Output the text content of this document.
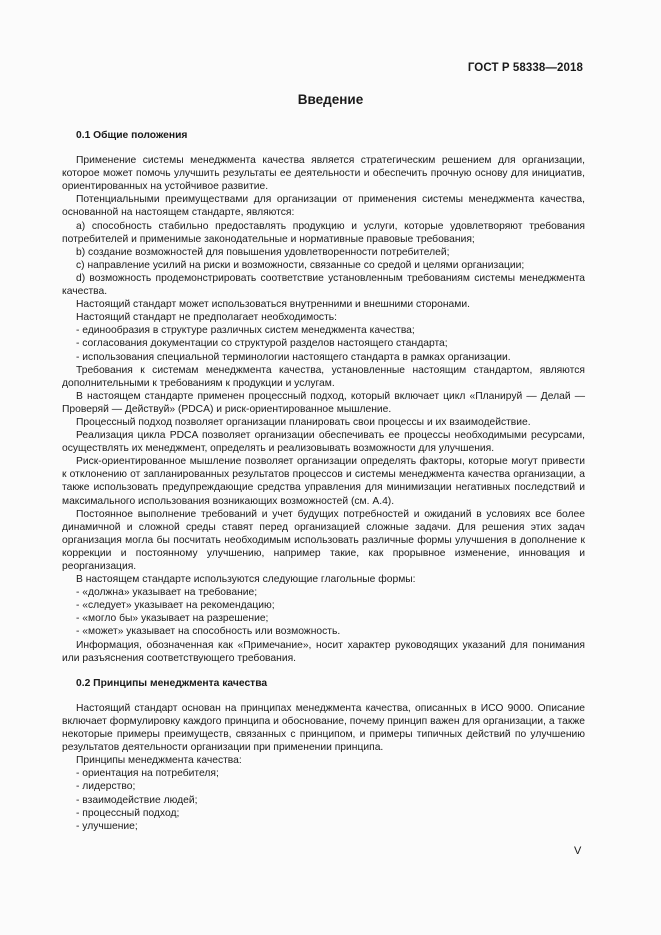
ГОСТ Р 58338—2018
Введение

0.1 Общие положения

Применение системы менеджмента качества является стратегическим решением для организации, которое может помочь улучшить результаты ее деятельности и обеспечить прочную основу для инициатив, ориентированных на устойчивое развитие.

Потенциальными преимуществами для организации от применения системы менеджмента качества, основанной на настоящем стандарте, являются:

a) способность стабильно предоставлять продукцию и услуги, которые удовлетворяют требования потребителей и применимые законодательные и нормативные правовые требования;

b) создание возможностей для повышения удовлетворенности потребителей;

c) направление усилий на риски и возможности, связанные со средой и целями организации;

d) возможность продемонстрировать соответствие установленным требованиям системы менеджмента качества.

Настоящий стандарт может использоваться внутренними и внешними сторонами.

Настоящий стандарт не предполагает необходимость:

- единообразия в структуре различных систем менеджмента качества;

- согласования документации со структурой разделов настоящего стандарта;

- использования специальной терминологии настоящего стандарта в рамках организации.

Требования к системам менеджмента качества, установленные настоящим стандартом, являются дополнительными к требованиям к продукции и услугам.

В настоящем стандарте применен процессный подход, который включает цикл «Планируй — Делай — Проверяй — Действуй» (PDCA) и риск-ориентированное мышление.

Процессный подход позволяет организации планировать свои процессы и их взаимодействие.

Реализация цикла PDCA позволяет организации обеспечивать ее процессы необходимыми ресурсами, осуществлять их менеджмент, определять и реализовывать возможности для улучшения.

Риск-ориентированное мышление позволяет организации определять факторы, которые могут привести к отклонению от запланированных результатов процессов и системы менеджмента качества организации, а также использовать предупреждающие средства управления для минимизации негативных последствий и максимального использования возникающих возможностей (см. А.4).

Постоянное выполнение требований и учет будущих потребностей и ожиданий в условиях все более динамичной и сложной среды ставят перед организацией сложные задачи. Для решения этих задач организация могла бы посчитать необходимым использовать различные формы улучшения в дополнение к коррекции и постоянному улучшению, например такие, как прорывное изменение, инновация и реорганизация.

В настоящем стандарте используются следующие глагольные формы:

- «должна» указывает на требование;

- «следует» указывает на рекомендацию;

- «могло бы» указывает на разрешение;

- «может» указывает на способность или возможность.

Информация, обозначенная как «Примечание», носит характер руководящих указаний для понимания или разъяснения соответствующего требования.

0.2 Принципы менеджмента качества

Настоящий стандарт основан на принципах менеджмента качества, описанных в ИСО 9000. Описание включает формулировку каждого принципа и обоснование, почему принцип важен для организации, а также некоторые примеры преимуществ, связанных с принципом, и примеры типичных действий по улучшению результатов деятельности организации при применении принципа.

Принципы менеджмента качества:

- ориентация на потребителя;

- лидерство;

- взаимодействие людей;

- процессный подход;

- улучшение;

V
